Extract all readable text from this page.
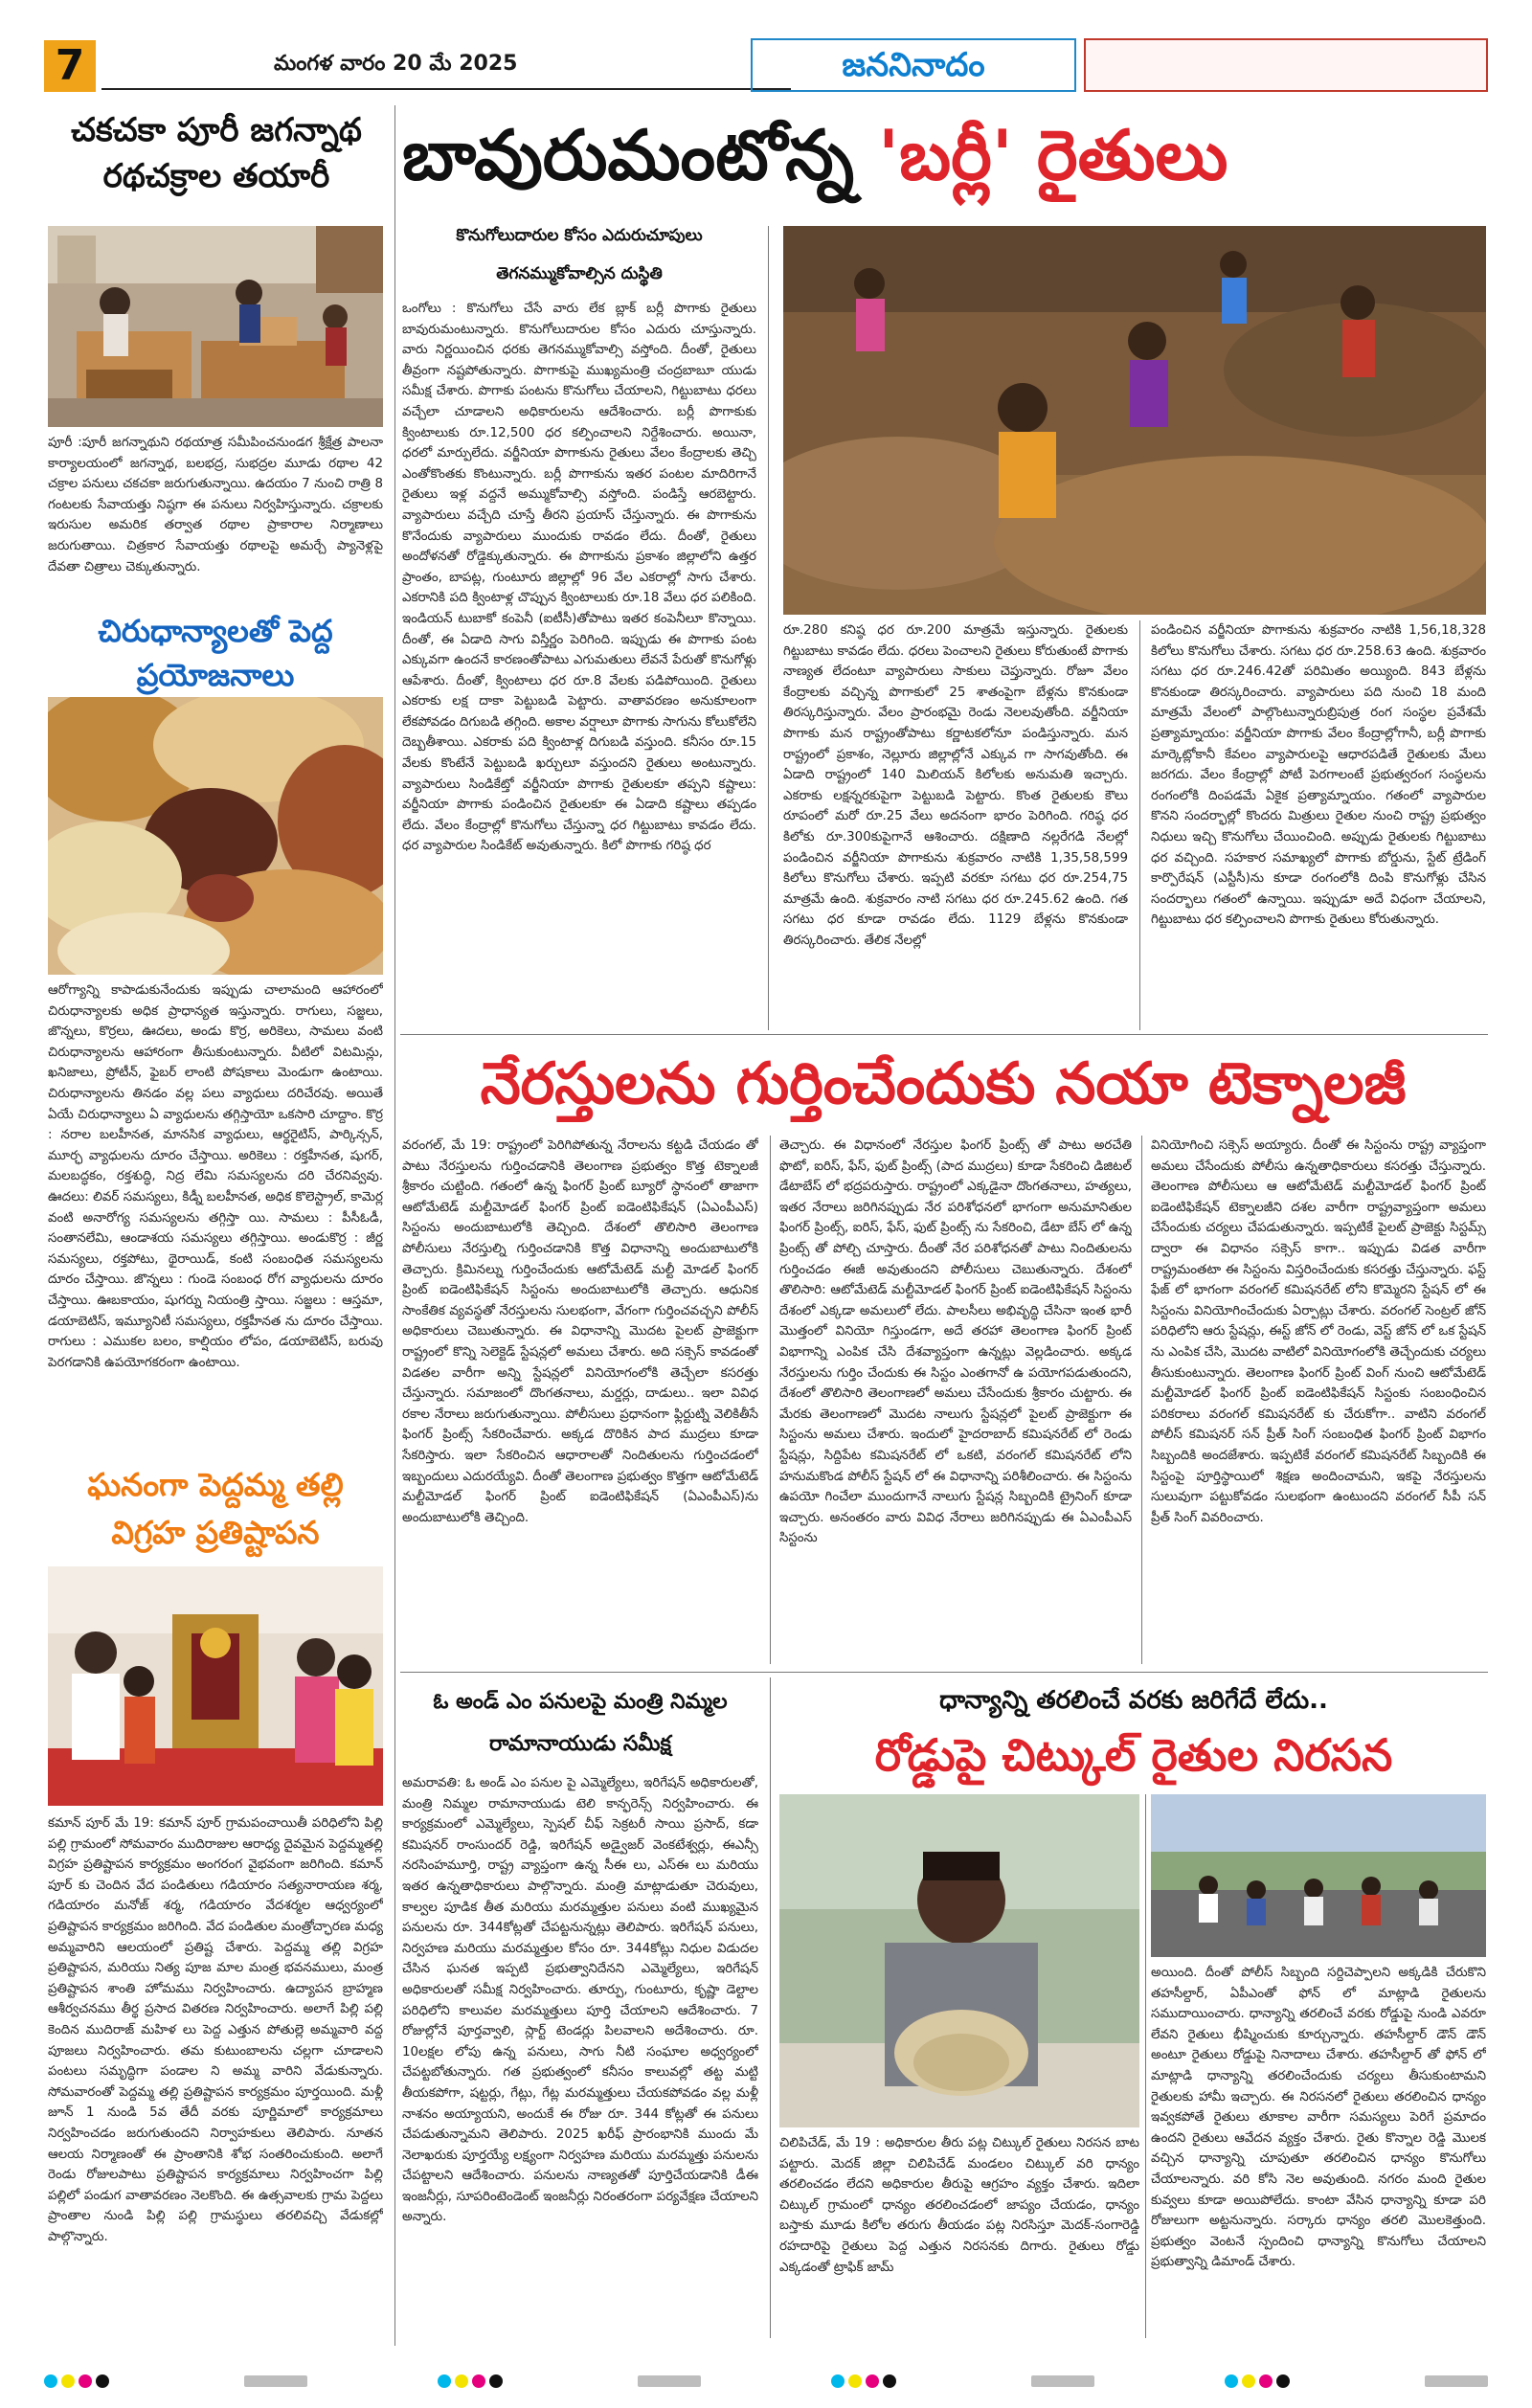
7	మంగళ వారం 20 మే 2025	జననినాదం
చకచకా పూరీ జగన్నాథ రథచక్రాల తయారీ
పూరీ :పూరీ జగన్నాథుని రథయాత్ర సమీపించనుండగ శ్రీక్షేత్ర పాలనా కార్యాలయంలో జగన్నాథ, బలభద్ర, సుభద్రల మూడు రథాల 42 చక్రాల పనులు చకచకా జరుగుతున్నాయి. ఉదయం 7 నుంచి రాత్రి 8 గంటలకు సేవాయత్తు నిష్ఠగా ఈ పనులు నిర్వహిస్తున్నారు. చక్రాలకు ఇరుసుల అమరిక తర్వాత రథాల ప్రాకారాల నిర్మాణాలు జరుగుతాయి. చిత్రకార సేవాయత్తు రథాలపై అమర్చే ప్యానెళ్లపై దేవతా చిత్రాలు చెక్కుతున్నారు.
చిరుధాన్యాలతో పెద్ద ప్రయోజనాలు
ఆరోగ్యాన్ని కాపాడుకునేందుకు ఇప్పుడు చాలామంది ఆహారంలో చిరుధాన్యాలకు అధిక ప్రాధాన్యత ఇస్తున్నారు. రాగులు, సజ్జలు, జొన్నలు, కొర్రలు, ఊదలు, అండు కొర్ర, అరికెలు, సామలు వంటి చిరుధాన్యాలను ఆహారంగా తీసుకుంటున్నారు. వీటిలో విటమిన్లు, ఖనిజాలు, ప్రోటీన్, ఫైబర్ లాంటి పోషకాలు మెండుగా ఉంటాయి. చిరుధాన్యాలను తినడం వల్ల పలు వ్యాధులు దరిచేరవు. అయితే ఏయే చిరుధాన్యాలు ఏ వ్యాధులను తగ్గిస్తాయో ఒకసారి చూద్దాం. కొర్ర : నరాల బలహీనత, మానసిక వ్యాధులు, ఆర్థరైటిస్, పార్కిన్సన్, మూర్ఛ వ్యాధులను దూరం చేస్తాయి. అరికెలు : రక్తహీనత, షుగర్, మలబద్ధకం, రక్తశుద్ధి, నిద్ర లేమి సమస్యలను దరి చేరనివ్వవు. ఊదలు: లివర్ సమస్యలు, కిడ్నీ బలహీనత, అధిక కొలెస్ట్రాల్, కామెర్ల వంటి అనారోగ్య సమస్యలను తగ్గిస్తా యి. సామలు : పీసీఓడీ, సంతానలేమి, ఆండాశయ సమస్యలు తగ్గిస్తాయి. అండుకొర్ర : జీర్ణ సమస్యలు, రక్తపోటు, థైరాయిడ్, కంటి సంబంధిత సమస్యలను దూరం చేస్తాయి. జొన్నలు : గుండె సంబంధ రోగ వ్యాధులను దూరం చేస్తాయి. ఊబకాయం, షుగర్ను నియంత్రి స్తాయి. సజ్జలు : ఆస్తమా, డయాబెటిస్, ఇమ్యూనిటీ సమస్యలు, రక్తహీనత ను దూరం చేస్తాయి. రాగులు : ఎముకల బలం, కాల్షియం లోపం, డయాబెటిస్, బరువు పెరగడానికి ఉపయోగకరంగా ఉంటాయి.
ఘనంగా పెద్దమ్మ తల్లి విగ్రహ ప్రతిష్టాపన
కమాన్ పూర్ మే 19: కమాన్ పూర్ గ్రామపంచాయితీ పరిధిలోని పిల్లి పల్లి గ్రామంలో సోమవారం ముదిరాజుల ఆరాధ్య దైవమైన పెద్దమ్మతల్లి విగ్రహ ప్రతిష్టాపన కార్యక్రమం అంగరంగ వైభవంగా జరిగింది. కమాన్ పూర్ కు చెందిన వేద పండితులు గడియారం సత్యనారాయణ శర్మ, గడియారం మనోజ్ శర్మ, గడియారం వేదశర్మల ఆధ్వర్యంలో ప్రతిష్టాపన కార్యక్రమం జరిగింది. వేద పండితుల మంత్రోచ్ఛారణ మధ్య అమ్మవారిని ఆలయంలో ప్రతిష్ట చేశారు. పెద్దమ్మ తల్లి విగ్రహ ప్రతిష్టాపన, మరియు నిత్య పూజ మాల మంత్ర భవనములు, మంత్ర ప్రతిష్టాపన శాంతి హోమము నిర్వహించారు. ఉద్యాపన బ్రాహ్మణ ఆశీర్వచనము తీర్థ ప్రసాద వితరణ నిర్వహించారు. అలాగే పిల్లి పల్లి కెందిన ముదిరాజ్ మహిళ లు పెద్ద ఎత్తున పోతుల్లె అమ్మవారి వద్ద పూజలు నిర్వహించారు. తమ కుటుంబాలను చల్లగా చూడాలని పంటలు సమృద్ధిగా పండాల ని అమ్మ వారిని వేడుకున్నారు. సోమవారంతో పెద్దమ్మ తల్లి ప్రతిష్టాపన కార్యక్రమం పూర్తయింది. మళ్లీ జూన్ 1 నుండి 5వ తేదీ వరకు పూర్ణిమాలో కార్యక్రమాలు నిర్వహించడం జరుగుతుందని నిర్వాహకులు తెలిపారు. నూతన ఆలయ నిర్మాణంతో ఈ ప్రాంతానికి శోభ సంతరించుకుంది. అలాగే రెండు రోజులపాటు ప్రతిష్టాపన కార్యక్రమాలు నిర్వహించగా పిల్లి పల్లిలో పండుగ వాతావరణం నెలకొంది. ఈ ఉత్సవాలకు గ్రామ పెద్దలు ప్రాంతాల నుండి పిల్లి పల్లి గ్రామస్థులు తరలివచ్చి వేడుకల్లో పాల్గొన్నారు.
బావురుమంటోన్న 'బర్లీ' రైతులు
కొనుగోలుదారుల కోసం ఎదురుచూపులు
తెగనమ్ముకోవాల్సిన దుస్థితి
ఒంగోలు : కొనుగోలు చేసే వారు లేక బ్లాక్ బర్లీ పొగాకు రైతులు బావురుమంటున్నారు. కొనుగోలుదారుల కోసం ఎదురు చూస్తున్నారు. వారు నిర్ణయించిన ధరకు తెగనమ్ముకోవాల్సి వస్తోంది. దీంతో, రైతులు తీవ్రంగా నష్టపోతున్నారు. పొగాకుపై ముఖ్యమంత్రి చంద్రబాబూ యుడు సమీక్ష చేశారు. పొగాకు పంటను కొనుగోలు చేయాలని, గిట్టుబాటు ధరలు వచ్చేలా చూడాలని అధికారులను ఆదేశించారు. బర్లీ పొగాకుకు క్వింటాలుకు రూ.12,500 ధర కల్పించాలని నిర్దేశించారు. అయినా, ధరలో మార్పులేదు. వర్జీనియా పొగాకును రైతులు వేలం కేంద్రాలకు తెచ్చి ఎంతోకొంతకు కొంటున్నారు. బర్లీ పొగాకును ఇతర పంటల మాదిరిగానే రైతులు ఇళ్ల వద్దనే అమ్ముకోవాల్సి వస్తోంది. పండిస్తే ఆరబెట్టారు. వ్యాపారులు వచ్చేది చూస్తే తీరని ప్రయాస్ చేస్తున్నారు. ఈ పొగాకును కొనేందుకు వ్యాపారులు ముందుకు రావడం లేదు. దీంతో, రైతులు అందోళనతో రోడ్డెక్కుతున్నారు. ఈ పొగాకును ప్రకాశం జిల్లాలోని ఉత్తర ప్రాంతం, బాపట్ల, గుంటూరు జిల్లాల్లో 96 వేల ఎకరాల్లో సాగు చేశారు. ఎకరానికి పది క్వింటాళ్ల చొప్పున క్వింటాలుకు రూ.18 వేలు ధర పలికింది. ఇండియన్ టుబాకో కంపెనీ (ఐటీసీ)తోపాటు ఇతర కంపెనీలూ కొన్నాయి. దీంతో, ఈ ఏడాది సాగు విస్తీర్ణం పెరిగింది. ఇప్పుడు ఈ పొగాకు పంట ఎక్కువగా ఉందనే కారణంతోపాటు ఎగుమతులు లేవనే పేరుతో కొనుగోళ్లు ఆపేశారు. దీంతో, క్వింటాలు ధర రూ.8 వేలకు పడిపోయింది. రైతులు ఎకరాకు లక్ష దాకా పెట్టుబడి పెట్టారు. వాతావరణం అనుకూలంగా లేకపోవడం దిగుబడి తగ్గింది. అకాల వర్షాలూ పొగాకు సాగును కోలుకోలేని దెబ్బతీశాయి. ఎకరాకు పది క్వింటాళ్ల దిగుబడి వస్తుంది. కనీసం రూ.15 వేలకు కొంటేనే పెట్టుబడి ఖర్చులూ వస్తుందని రైతులు అంటున్నారు. వ్యాపారులు సిండికేట్తో వర్జీనియా పొగాకు రైతులకూ తప్పని కష్టాలు: వర్జీనియా పొగాకు పండించిన రైతులకూ ఈ ఏడాది కష్టాలు తప్పడం లేదు. వేలం కేంద్రాల్లో కొనుగోలు చేస్తున్నా ధర గిట్టుబాటు కావడం లేదు. ధర వ్యాపారుల సిండికేట్ అవుతున్నారు. కిలో పొగాకు గరిష్ఠ ధర
రూ.280 కనిష్ఠ ధర రూ.200 మాత్రమే ఇస్తున్నారు. రైతులకు గిట్టుబాటు కావడం లేదు. ధరలు పెంచాలని రైతులు కోరుతుంటే పొగాకు నాణ్యత లేదంటూ వ్యాపారులు సాకులు చెప్తున్నారు. రోజూ వేలం కేంద్రాలకు వచ్చిన్న పొగాకులో 25 శాతంపైగా బేళ్లను కొనకుండా తిరస్కరిస్తున్నారు. వేలం ప్రారంభమై రెండు నెలలవుతోంది. వర్జీనియా పొగాకు మన రాష్ట్రంతోపాటు కర్ణాటకలోనూ పండిస్తున్నారు. మన రాష్ట్రంలో ప్రకాశం, నెల్లూరు జిల్లాల్లోనే ఎక్కువ గా సాగవుతోంది. ఈ ఏడాది రాష్ట్రంలో 140 మిలియన్ కిలోలకు అనుమతి ఇచ్చారు. ఎకరాకు లక్షన్నరకుపైగా పెట్టుబడి పెట్టారు. కొంత రైతులకు కౌలు రూపంలో మరో రూ.25 వేలు అదనంగా భారం పెరిగింది. గరిష్ఠ ధర కిలోకు రూ.300కుపైగానే ఆశించారు. దక్షిణాది నల్లరేగడి నేలల్లో పండించిన వర్జీనియా పొగాకును శుక్రవారం నాటికి 1,35,58,599 కిలోలు కొనుగోలు చేశారు. ఇప్పటి వరకూ సగటు ధర రూ.254,75 మాత్రమే ఉంది. శుక్రవారం నాటి సగటు ధర రూ.245.62 ఉంది. గత సగటు ధర కూడా రావడం లేదు. 1129 బేళ్లను కొనకుండా తిరస్కరించారు. తేలిక నేలల్లో
పండించిన వర్జీనియా పొగాకును శుక్రవారం నాటికి 1,56,18,328 కిలోలు కొనుగోలు చేశారు. సగటు ధర రూ.258.63 ఉంది. శుక్రవారం సగటు ధర రూ.246.42తో పరిమితం అయ్యింది. 843 బేళ్లను కొనకుండా తిరస్కరించారు. వ్యాపారులు పది నుంచి 18 మంది మాత్రమే వేలంలో పాల్గొంటున్నారుబ్రిపుత్ర రంగ సంస్థల ప్రవేశమే ప్రత్యామ్నాయం: వర్జీనియా పొగాకు వేలం కేంద్రాల్లోగానీ, బర్లీ పొగాకు మార్కెట్లోకానీ కేవలం వ్యాపారులపై ఆధారపడితే రైతులకు మేలు జరగదు. వేలం కేంద్రాల్లో పోటీ పెరగాలంటే ప్రభుత్వరంగ సంస్థలను రంగంలోకి దింపడమే ఏకైక ప్రత్యామ్నాయం. గతంలో వ్యాపారుల కొనని సందర్భాల్లో కొందరు మిత్రులు రైతుల నుంచి రాష్ట్ర ప్రభుత్వం నిధులు ఇచ్చి కొనుగోలు చేయించింది. అప్పుడు రైతులకు గిట్టుబాటు ధర వచ్చింది. సహకార సమాఖ్యలో పొగాకు బోర్డును, స్టేట్ ట్రేడింగ్ కార్పొరేషన్ (ఎస్టీసీ)ను కూడా రంగంలోకి దింపి కొనుగోళ్లు చేసిన సందర్భాలు గతంలో ఉన్నాయి. ఇప్పుడూ అదే విధంగా చేయాలని, గిట్టుబాటు ధర కల్పించాలని పొగాకు రైతులు కోరుతున్నారు.
నేరస్తులను గుర్తించేందుకు నయా టెక్నాలజీ
వరంగల్, మే 19: రాష్ట్రంలో పెరిగిపోతున్న నేరాలను కట్టడి చేయడం తో పాటు నేరస్తులను గుర్తించడానికి తెలంగాణ ప్రభుత్వం కొత్త టెక్నాలజీ శ్రీకారం చుట్టింది. గతంలో ఉన్న ఫింగర్ ప్రింట్ బ్యూరో స్థానంలో తాజాగా ఆటోమేటెడ్ మల్టీమోడల్ ఫింగర్ ప్రింట్ ఐడెంటిఫికేషన్ (ఏఎంపీఎస్) సిస్టంను అందుబాటులోకి తెచ్చింది. దేశంలో తొలిసారి తెలంగాణ పోలీసులు నేరస్తుల్ని గుర్తించడానికి కొత్త విధానాన్ని అందుబాటులోకి తెచ్చారు. క్రిమినల్ను గుర్తించేందుకు ఆటోమేటెడ్ మల్టీ మోడల్ ఫింగర్ ప్రింట్ ఐడెంటిఫికేషన్ సిస్టంను అందుబాటులోకి తెచ్చారు. ఆధునిక సాంకేతిక వ్యవస్థతో నేరస్తులను సులభంగా, వేగంగా గుర్తించవచ్చని పోలీస్ అధికారులు చెబుతున్నారు. ఈ విధానాన్ని మొదట పైలట్ ప్రాజెక్టుగా రాష్ట్రంలో కొన్ని సెలెక్టెడ్ స్టేషన్లలో అమలు చేశారు. అది సక్సెస్ కావడంతో విడతల వారీగా అన్ని స్టేషన్లలో వినియోగంలోకి తెచ్చేలా కసరత్తు చేస్తున్నారు. సమాజంలో దొంగతనాలు, మర్డర్లు, దాడులు.. ఇలా వివిధ రకాల నేరాలు జరుగుతున్నాయి. పోలీసులు ప్రధానంగా ఫ్లిర్టుట్ని వెలికితీసే ఫింగర్ ప్రింట్స్ సేకరించేవారు. అక్కడ దొరికిన పాద ముద్రలు కూడా సేకరిస్తారు. ఇలా సేకరించిన ఆధారాలతో నిందితులను గుర్తించడంలో ఇబ్బందులు ఎదురయ్యేవి. దీంతో తెలంగాణ ప్రభుత్వం కొత్తగా ఆటోమేటెడ్ మల్టీమోడల్ ఫింగర్ ప్రింట్ ఐడెంటిఫికేషన్ (ఏఎంపీఎస్)ను అందుబాటులోకి తెచ్చింది.
తెచ్చారు. ఈ విధానంలో నేరస్తుల ఫింగర్ ప్రింట్స్ తో పాటు అరచేతి ఫొటో, ఐరిస్, ఫేస్, ఫుట్ ప్రింట్స్ (పాద ముద్రలు) కూడా సేకరించి డిజిటల్ డేటాబేస్ లో భద్రపరుస్తారు. రాష్ట్రంలో ఎక్కడైనా దొంగతనాలు, హత్యలు, ఇతర నేరాలు జరిగినప్పుడు నేర పరిశోధనలో భాగంగా అనుమానితుల ఫింగర్ ప్రింట్స్, ఐరిస్, ఫేస్, ఫుట్ ప్రింట్స్ ను సేకరించి, డేటా బేస్ లో ఉన్న ప్రింట్స్ తో పోల్చి చూస్తారు. దీంతో నేర పరిశోధనతో పాటు నిందితులను గుర్తించడం ఈజీ అవుతుందని పోలీసులు చెబుతున్నారు. దేశంలో తొలిసారి: ఆటోమేటెడ్ మల్టీమోడల్ ఫింగర్ ప్రింట్ ఐడెంటిఫికేషన్ సిస్టంను దేశంలో ఎక్కడా అమలులో లేదు. పాలసీలు అభివృద్ధి చేసినా ఇంత భారీ మొత్తంలో వినియో గిస్తుండగా, అదే తరహా తెలంగాణ ఫింగర్ ప్రింట్ విభాగాన్ని ఎంపిక చేసి దేశవ్యాప్తంగా ఉన్నట్లు వెల్లడించారు. అక్కడ నేరస్తులను గుర్తిం చేందుకు ఈ సిస్టం ఎంతగానో ఉ పయోగపడుతుందని, దేశంలో తొలిసారి తెలంగాణలో అమలు చేసేందుకు శ్రీకారం చుట్టారు. ఈ మేరకు తెలంగాణలో మొదట నాలుగు స్టేషన్లలో పైలట్ ప్రాజెక్టుగా ఈ సిస్టంను అమలు చేశారు. ఇందులో హైదరాబాద్ కమిషనరేట్ లో రెండు స్టేషన్లు, సిద్దిపేట కమిషనరేట్ లో ఒకటి, వరంగల్ కమిషనరేట్ లోని హనుమకొండ పోలీస్ స్టేషన్ లో ఈ విధానాన్ని పరిశీలించారు. ఈ సిస్టంను ఉపయో గించేలా ముందుగానే నాలుగు స్టేషన్ల సిబ్బందికి ట్రైనింగ్ కూడా ఇచ్చారు. అనంతరం వారు వివిధ నేరాలు జరిగినప్పుడు ఈ ఏఎంపీఎస్ సిస్టంను
వినియోగించి సక్సెస్ అయ్యారు. దీంతో ఈ సిస్టంను రాష్ట్ర వ్యాప్తంగా అమలు చేసేందుకు పోలీసు ఉన్నతాధికారులు కసరత్తు చేస్తున్నారు. తెలంగాణ పోలీసులు ఆ ఆటోమేటెడ్ మల్టీమోడల్ ఫింగర్ ప్రింట్ ఐడెంటిఫికేషన్ టెక్నాలజీని దశల వారీగా రాష్ట్రవ్యాప్తంగా అమలు చేసేందుకు చర్యలు చేపడుతున్నారు. ఇప్పటికే పైలట్ ప్రాజెక్టు సిస్టమ్స్ ద్వారా ఈ విధానం సక్సెస్ కాగా.. ఇప్పుడు విడత వారీగా రాష్ట్రమంతటా ఈ సిస్టంను విస్తరించేందుకు కసరత్తు చేస్తున్నారు. ఫస్ట్ ఫేజ్ లో భాగంగా వరంగల్ కమిషనరేట్ లోని కొమ్మెరని స్టేషన్ లో ఈ సిస్టంను వినియోగించేందుకు ఏర్పాట్లు చేశారు. వరంగల్ సెంట్రల్ జోన్ పరిధిలోని ఆరు స్టేషన్లు, ఈస్ట్ జోన్ లో రెండు, వెస్ట్ జోన్ లో ఒక స్టేషన్ ను ఎంపిక చేసి, మొదట వాటిలో వినియోగంలోకి తెచ్చేందుకు చర్యలు తీసుకుంటున్నారు. తెలంగాణ ఫింగర్ ప్రింట్ వింగ్ నుంచి ఆటోమేటెడ్ మల్టీమోడల్ ఫింగర్ ప్రింట్ ఐడెంటిఫికేషన్ సిస్టంకు సంబంధించిన పరికరాలు వరంగల్ కమిషనరేట్ కు చేరుకోగా.. వాటిని వరంగల్ పోలీస్ కమిషనర్ సన్ ప్రీత్ సింగ్ సంబంధిత ఫింగర్ ప్రింట్ విభాగం సిబ్బందికి అందజేశారు. ఇప్పటికే వరంగల్ కమిషనరేట్ సిబ్బందికి ఈ సిస్టంపై పూర్తిస్థాయిలో శిక్షణ అందించామని, ఇకపై నేరస్తులను సులువుగా పట్టుకోవడం సులభంగా ఉంటుందని వరంగల్ సీపీ సన్ ప్రీత్ సింగ్ వివరించారు.
ఓ అండ్ ఎం పనులపై మంత్రి నిమ్మల రామానాయుడు సమీక్ష
అమరావతి: ఓ అండ్ ఎం పనుల పై ఎమ్మెల్యేలు, ఇరిగేషన్ అధికారులతో, మంత్రి నిమ్మల రామానాయుడు టెలి కాన్ఫరెన్స్ నిర్వహించారు. ఈ కార్యక్రమంలో ఎమ్మెల్యేలు, స్పెషల్ చీఫ్ సెక్రటరీ సాయి ప్రసాద్, కడా కమిషనర్ రాంసుందర్ రెడ్డి, ఇరిగేషన్ అడ్వైజర్ వెంకటేశ్వర్లు, ఈఎన్సీ నరసింహమూర్తి, రాష్ట్ర వ్యాప్తంగా ఉన్న సీఈ లు, ఎస్ఈ లు మరియు ఇతర ఉన్నతాధికారులు పాల్గొన్నారు. మంత్రి మాట్లాడుతూ చెరువులు, కాల్వల పూడిక తీత మరియు మరమ్మత్తుల పనులు వంటి ముఖ్యమైన పనులను రూ. 344కోట్లతో చేపట్టనున్నట్లు తెలిపారు. ఇరిగేషన్ పనులు, నిర్వహణ మరియు మరమ్మత్తుల కోసం రూ. 344కోట్లు నిధుల విడుదల చేసిన ఘనత ఇప్పటి ప్రభుత్వానిదేనని ఎమ్మెల్యేలు, ఇరిగేషన్ అధికారులతో సమీక్ష నిర్వహించారు. తూర్పు, గుంటూరు, కృష్ణా డెల్టాల పరిధిలోని కాలువల మరమ్మత్తులు పూర్తి చేయాలని ఆదేశించారు. 7 రోజుల్లోనే పూర్తవ్వాలి, స్లార్ట్ టెండర్లు పిలవాలని అదేశించారు. రూ. 10లక్షల లోపు ఉన్న పనులు, సాగు నీటి సంఘాల అధ్వర్యంలో చేపట్టబోతున్నారు. గత ప్రభుత్వంలో కనీసం కాలువల్లో తట్ట మట్టి తీయకపోగా, షట్టర్లు, గేట్లు, గేట్ల మరమ్మత్తులు చేయకపోవడం వల్ల మళ్లీ నాశనం అయ్యాయని, అందుకే ఈ రోజు రూ. 344 కోట్లతో ఈ పనులు చేపడుతున్నామని తెలిపారు. 2025 ఖరీఫ్ ప్రారంభానికి ముందు మే నెలాఖరుకు పూర్తయ్యే లక్ష్యంగా నిర్వహణ మరియు మరమ్మత్తు పనులను చేపట్టాలని ఆదేశించారు. పనులను నాణ్యతతో పూర్తిచేయడానికి డీఈ ఇంజనీర్లు, సూపరింటెండెంట్ ఇంజనీర్లు నిరంతరంగా పర్యవేక్షణ చేయాలని అన్నారు.
ధాన్యాన్ని తరలించే వరకు జరిగేదే లేదు..
రోడ్డుపై చిట్కుల్ రైతుల నిరసన
చిలిపిచేడ్, మే 19 : అధికారుల తీరు పట్ల చిట్కుల్ రైతులు నిరసన బాట పట్టారు. మెదక్ జిల్లా చిలిపిచేడ్ మండలం చిట్కుల్ వరి ధాన్యం తరలించడం లేదని అధికారుల తీరుపై ఆగ్రహం వ్యక్తం చేశారు. ఇదిలా చిట్కుల్ గ్రామంలో ధాన్యం తరలించడంలో జాప్యం చేయడం, ధాన్యం బస్తాకు మూడు కిలోల తరుగు తీయడం పట్ల నిరసిస్తూ మెదక్-సంగారెడ్డి రహదారిపై రైతులు పెద్ద ఎత్తున నిరసనకు దిగారు. రైతులు రోడ్డు ఎక్కడంతో ట్రాఫిక్ జామ్
అయింది. దీంతో పోలీస్ సిబ్బంది సర్దిచెప్పాలని అక్కడికి చేరుకొని తహసీల్దార్, ఏపీఎంతో ఫోన్ లో మాట్లాడి రైతులను సముదాయించారు. ధాన్యాన్ని తరలించే వరకు రోడ్డుపై నుండి ఎవరూ లేవని రైతులు భీష్మించుకు కూర్చున్నారు. తహసీల్దార్ డౌన్ డౌన్ అంటూ రైతులు రోడ్డుపై నినాదాలు చేశారు. తహసీల్దార్ తో ఫోన్ లో మాట్లాడి ధాన్యాన్ని తరలించేందుకు చర్యలు తీసుకుంటామని రైతులకు హామీ ఇచ్చారు. ఈ నిరసనలో రైతులు తరలించిన ధాన్యం ఇవ్వకపోతే రైతులు తూకాల వారీగా సమస్యలు పెరిగే ప్రమాదం ఉందని రైతులు ఆవేదన వ్యక్తం చేశారు. రైతు కొన్నాల రెడ్డి మొలక వచ్చిన ధాన్యాన్ని చూపుతూ తరలించిన ధాన్యం కొనుగోలు చేయాలన్నారు. వరి కోసి నెల అవుతుంది. నగరం మంది రైతుల కువ్వలు కూడా అయిపోలేదు. కాంటా వేసిన ధాన్యాన్ని కూడా పరి రోజులుగా అట్టనున్నారు. సర్కారు ధాన్యం తరలి మొలకెత్తుంది. ప్రభుత్వం వెంటనే స్పందించి ధాన్యాన్ని కొనుగోలు చేయాలని ప్రభుత్వాన్ని డిమాండ్ చేశారు.
